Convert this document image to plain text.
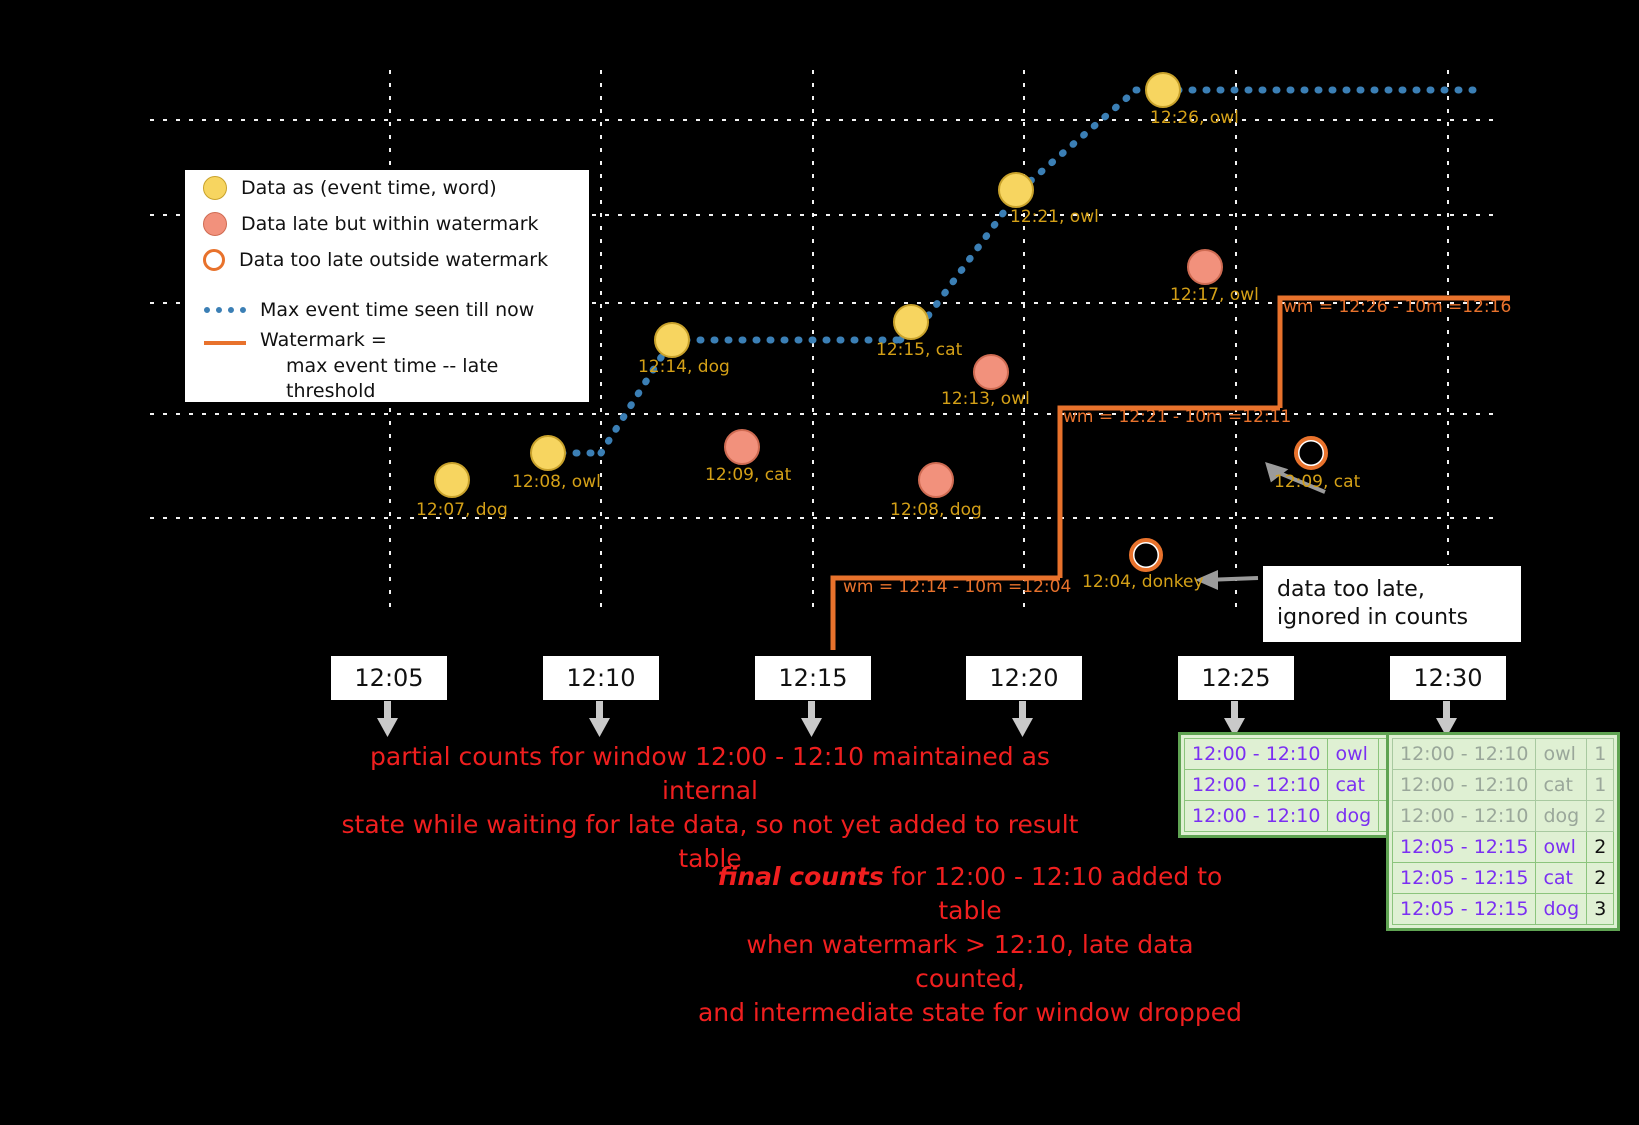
12:07, dog
12:08, owl	12:09, cat
12:14, dog
12:15, cat
12:08, dog
12:13, owl
12:04, donkey
12:21, owl
12:17, owl
12:09, cat
12:26, owl
wm = 12:14 - 10m =12:04
wm = 12:21 - 10m =12:11
wm = 12:26 - 10m =12:16
Data as (event time, word)
Data late but within watermark
Data too late outside watermark
Max event time seen till now
Watermark =
max event time -- late threshold
12:05	12:10	12:15	12:20	12:25	12:30
data too late,
ignored in counts
partial counts for window 12:00 - 12:10 maintained as internal
state while waiting for late data, so not yet added to result table
final counts for 12:00 - 12:10 added to table
when watermark > 12:10, late data counted,
and intermediate state for window dropped
12:00 - 12:10	owl	
12:00 - 12:10	cat	
12:00 - 12:10	dog	
12:00 - 12:10	owl	1
12:00 - 12:10	cat	1
12:00 - 12:10	dog	2
12:05 - 12:15	owl	2
12:05 - 12:15	cat	2
12:05 - 12:15	dog	3
